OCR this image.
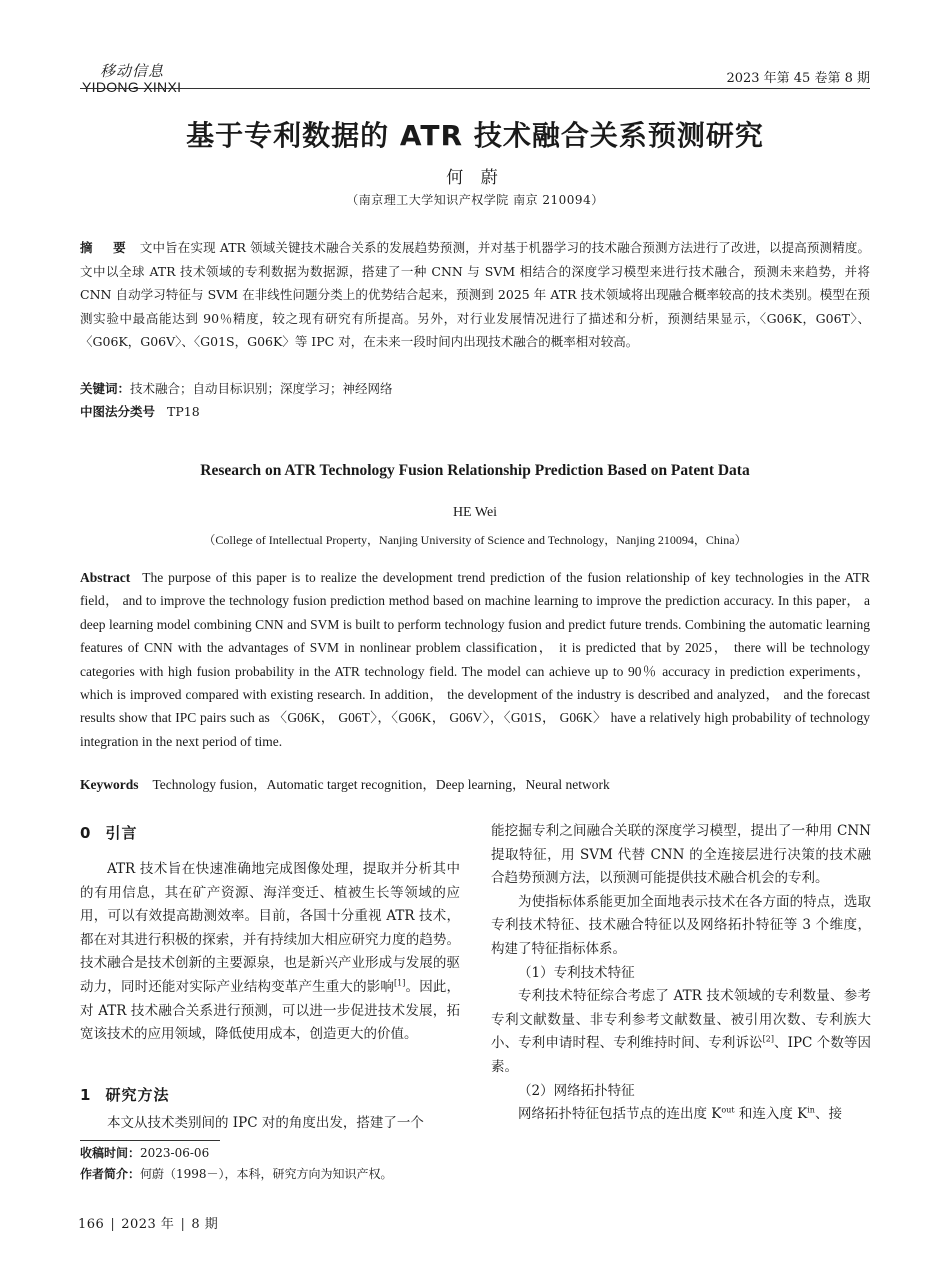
移动信息
YIDONG XINXI
2023 年第 45 卷第 8 期
基于专利数据的 ATR 技术融合关系预测研究
何 蔚
（南京理工大学知识产权学院 南京 210094）
摘 要 文中旨在实现 ATR 领域关键技术融合关系的发展趋势预测，并对基于机器学习的技术融合预测方法进行了改进，以提高预测精度。文中以全球 ATR 技术领域的专利数据为数据源，搭建了一种 CNN 与 SVM 相结合的深度学习模型来进行技术融合，预测未来趋势，并将 CNN 自动学习特征与 SVM 在非线性问题分类上的优势结合起来，预测到 2025 年 ATR 技术领域将出现融合概率较高的技术类别。模型在预测实验中最高能达到 90％精度，较之现有研究有所提高。另外，对行业发展情况进行了描述和分析，预测结果显示，〈G06K，G06T〉、〈G06K，G06V〉、〈G01S，G06K〉等 IPC 对，在未来一段时间内出现技术融合的概率相对较高。
关键词：技术融合；自动目标识别；深度学习；神经网络
中图法分类号 TP18
Research on ATR Technology Fusion Relationship Prediction Based on Patent Data
HE Wei
（College of Intellectual Property，Nanjing University of Science and Technology，Nanjing 210094，China）
Abstract The purpose of this paper is to realize the development trend prediction of the fusion relationship of key technologies in the ATR field， and to improve the technology fusion prediction method based on machine learning to improve the prediction accuracy. In this paper， a deep learning model combining CNN and SVM is built to perform technology fusion and predict future trends. Combining the automatic learning features of CNN with the advantages of SVM in nonlinear problem classification， it is predicted that by 2025， there will be technology categories with high fusion probability in the ATR technology field. The model can achieve up to 90％ accuracy in prediction experiments， which is improved compared with existing research. In addition， the development of the industry is described and analyzed， and the forecast results show that IPC pairs such as 〈G06K， G06T〉，〈G06K， G06V〉，〈G01S， G06K〉 have a relatively high probability of technology integration in the next period of time.
Keywords Technology fusion，Automatic target recognition，Deep learning，Neural network
0 引言

ATR 技术旨在快速准确地完成图像处理，提取并分析其中的有用信息，其在矿产资源、海洋变迁、植被生长等领域的应用，可以有效提高勘测效率。目前，各国十分重视 ATR 技术，都在对其进行积极的探索，并有持续加大相应研究力度的趋势。技术融合是技术创新的主要源泉，也是新兴产业形成与发展的驱动力，同时还能对实际产业结构变革产生重大的影响[1]。因此，对 ATR 技术融合关系进行预测，可以进一步促进技术发展，拓宽该技术的应用领域，降低使用成本，创造更大的价值。

1 研究方法

本文从技术类别间的 IPC 对的角度出发，搭建了一个

能挖掘专利之间融合关联的深度学习模型，提出了一种用 CNN 提取特征，用 SVM 代替 CNN 的全连接层进行决策的技术融合趋势预测方法，以预测可能提供技术融合机会的专利。

为使指标体系能更加全面地表示技术在各方面的特点，选取专利技术特征、技术融合特征以及网络拓扑特征等 3 个维度，构建了特征指标体系。

（1）专利技术特征

专利技术特征综合考虑了 ATR 技术领域的专利数量、参考专利文献数量、非专利参考文献数量、被引用次数、专利族大小、专利申请时程、专利维持时间、专利诉讼[2]、IPC 个数等因素。

（2）网络拓扑特征

网络拓扑特征包括节点的连出度 $K^{out}$ 和连入度 $K^{in}$、接

收稿时间：2023-06-06
作者简介：何蔚（1998－），本科，研究方向为知识产权。
166 | 2023 年 | 8 期
